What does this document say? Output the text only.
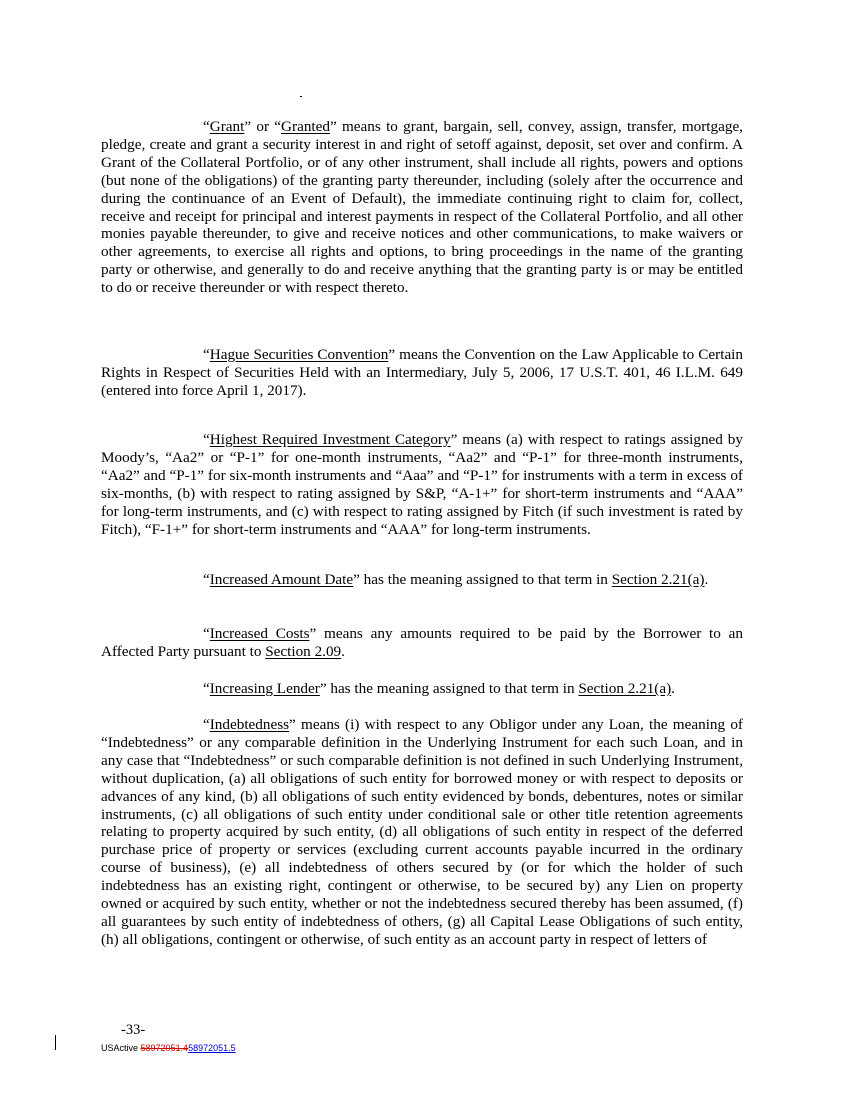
“Grant” or “Granted” means to grant, bargain, sell, convey, assign, transfer, mortgage, pledge, create and grant a security interest in and right of setoff against, deposit, set over and confirm. A Grant of the Collateral Portfolio, or of any other instrument, shall include all rights, powers and options (but none of the obligations) of the granting party thereunder, including (solely after the occurrence and during the continuance of an Event of Default), the immediate continuing right to claim for, collect, receive and receipt for principal and interest payments in respect of the Collateral Portfolio, and all other monies payable thereunder, to give and receive notices and other communications, to make waivers or other agreements, to exercise all rights and options, to bring proceedings in the name of the granting party or otherwise, and generally to do and receive anything that the granting party is or may be entitled to do or receive thereunder or with respect thereto.

“Hague Securities Convention” means the Convention on the Law Applicable to Certain Rights in Respect of Securities Held with an Intermediary, July 5, 2006, 17 U.S.T. 401, 46 I.L.M. 649 (entered into force April 1, 2017).

“Highest Required Investment Category” means (a) with respect to ratings assigned by Moody’s, “Aa2” or “P-1” for one-month instruments, “Aa2” and “P-1” for three-month instruments, “Aa2” and “P-1” for six-month instruments and “Aaa” and “P-1” for instruments with a term in excess of six-months, (b) with respect to rating assigned by S&P, “A-1+” for short-term instruments and “AAA” for long-term instruments, and (c) with respect to rating assigned by Fitch (if such investment is rated by Fitch), “F-1+” for short-term instruments and “AAA” for long-term instruments.

“Increased Amount Date” has the meaning assigned to that term in Section 2.21(a).

“Increased Costs” means any amounts required to be paid by the Borrower to an Affected Party pursuant to Section 2.09.

“Increasing Lender” has the meaning assigned to that term in Section 2.21(a).

“Indebtedness” means (i) with respect to any Obligor under any Loan, the meaning of “Indebtedness” or any comparable definition in the Underlying Instrument for each such Loan, and in any case that “Indebtedness” or such comparable definition is not defined in such Underlying Instrument, without duplication, (a) all obligations of such entity for borrowed money or with respect to deposits or advances of any kind, (b) all obligations of such entity evidenced by bonds, debentures, notes or similar instruments, (c) all obligations of such entity under conditional sale or other title retention agreements relating to property acquired by such entity, (d) all obligations of such entity in respect of the deferred purchase price of property or services (excluding current accounts payable incurred in the ordinary course of business), (e) all indebtedness of others secured by (or for which the holder of such indebtedness has an existing right, contingent or otherwise, to be secured by) any Lien on property owned or acquired by such entity, whether or not the indebtedness secured thereby has been assumed, (f) all guarantees by such entity of indebtedness of others, (g) all Capital Lease Obligations of such entity, (h) all obligations, contingent or otherwise, of such entity as an account party in respect of letters of

-33-
USActive 58972051.458972051.5
